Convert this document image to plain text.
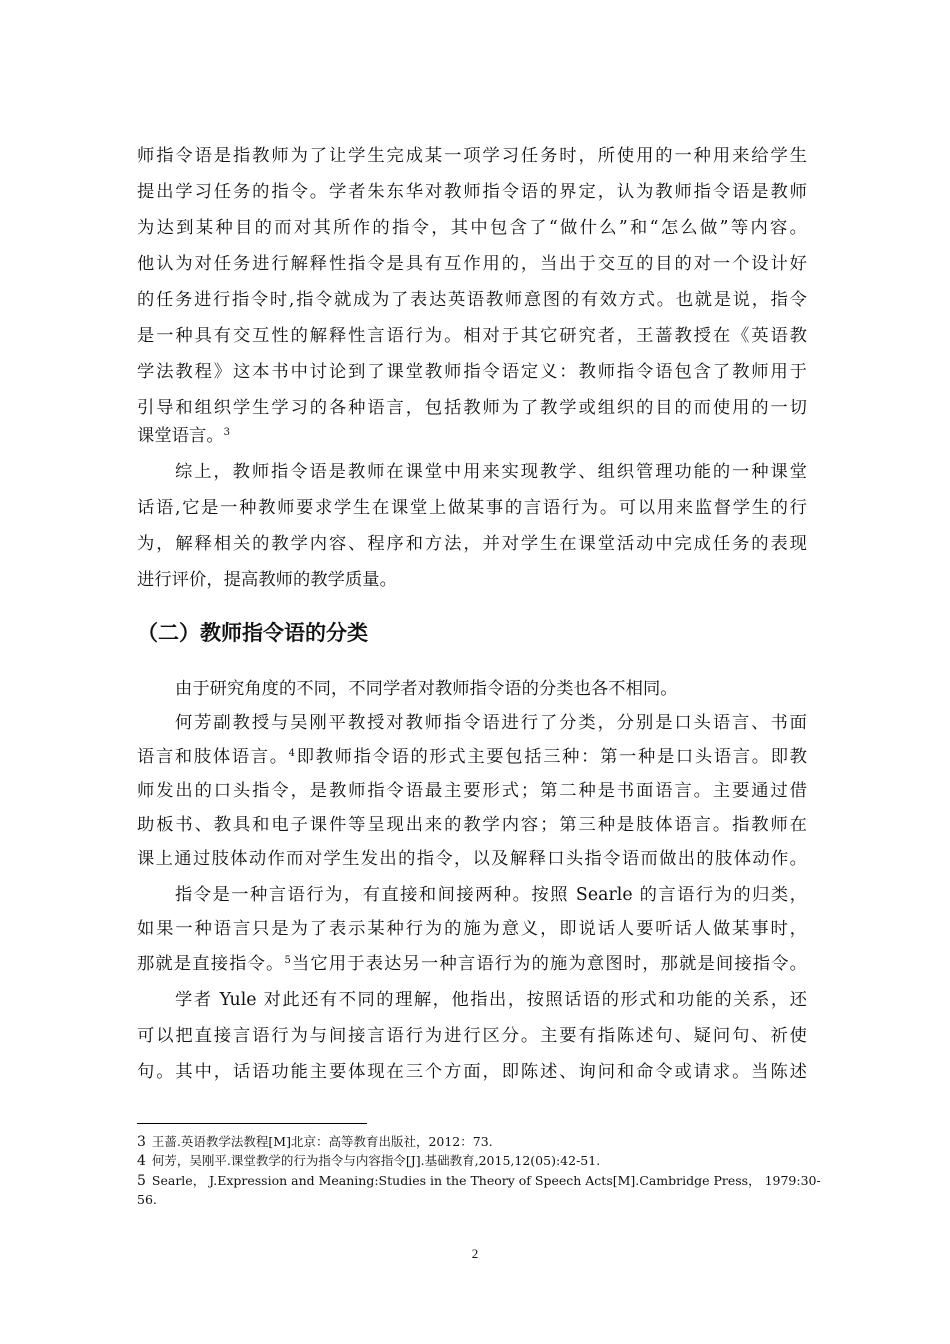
师指令语是指教师为了让学生完成某一项学习任务时，所使用的一种用来给学生
提出学习任务的指令。学者朱东华对教师指令语的界定，认为教师指令语是教师
为达到某种目的而对其所作的指令，其中包含了“做什么”和“怎么做”等内容。
他认为对任务进行解释性指令是具有互作用的，当出于交互的目的对一个设计好
的任务进行指令时,指令就成为了表达英语教师意图的有效方式。也就是说，指令
是一种具有交互性的解释性言语行为。相对于其它研究者，王蔷教授在《英语教
学法教程》这本书中讨论到了课堂教师指令语定义：教师指令语包含了教师用于
引导和组织学生学习的各种语言，包括教师为了教学或组织的目的而使用的一切
课堂语言。$^3$
综上，教师指令语是教师在课堂中用来实现教学、组织管理功能的一种课堂
话语,它是一种教师要求学生在课堂上做某事的言语行为。可以用来监督学生的行
为，解释相关的教学内容、程序和方法，并对学生在课堂活动中完成任务的表现
进行评价，提高教师的教学质量。
（二）教师指令语的分类
由于研究角度的不同，不同学者对教师指令语的分类也各不相同。
何芳副教授与吴刚平教授对教师指令语进行了分类，分别是口头语言、书面
语言和肢体语言。$^4$即教师指令语的形式主要包括三种：第一种是口头语言。即教
师发出的口头指令，是教师指令语最主要形式；第二种是书面语言。主要通过借
助板书、教具和电子课件等呈现出来的教学内容；第三种是肢体语言。指教师在
课上通过肢体动作而对学生发出的指令，以及解释口头指令语而做出的肢体动作。
指令是一种言语行为，有直接和间接两种。按照 Searle 的言语行为的归类，
如果一种语言只是为了表示某种行为的施为意义，即说话人要听话人做某事时，
那就是直接指令。$^5$当它用于表达另一种言语行为的施为意图时，那就是间接指令。
学者 Yule 对此还有不同的理解，他指出，按照话语的形式和功能的关系，还
可以把直接言语行为与间接言语行为进行区分。主要有指陈述句、疑问句、祈使
句。其中，话语功能主要体现在三个方面，即陈述、询问和命令或请求。当陈述
3 王蔷.英语教学法教程[M]北京：高等教育出版社，2012：73.
4 何芳，吴刚平.课堂教学的行为指令与内容指令[J].基础教育,2015,12(05):42-51.
5 Searle， J.Expression and Meaning:Studies in the Theory of Speech Acts[M].Cambridge Press， 1979:30-
56.
2
